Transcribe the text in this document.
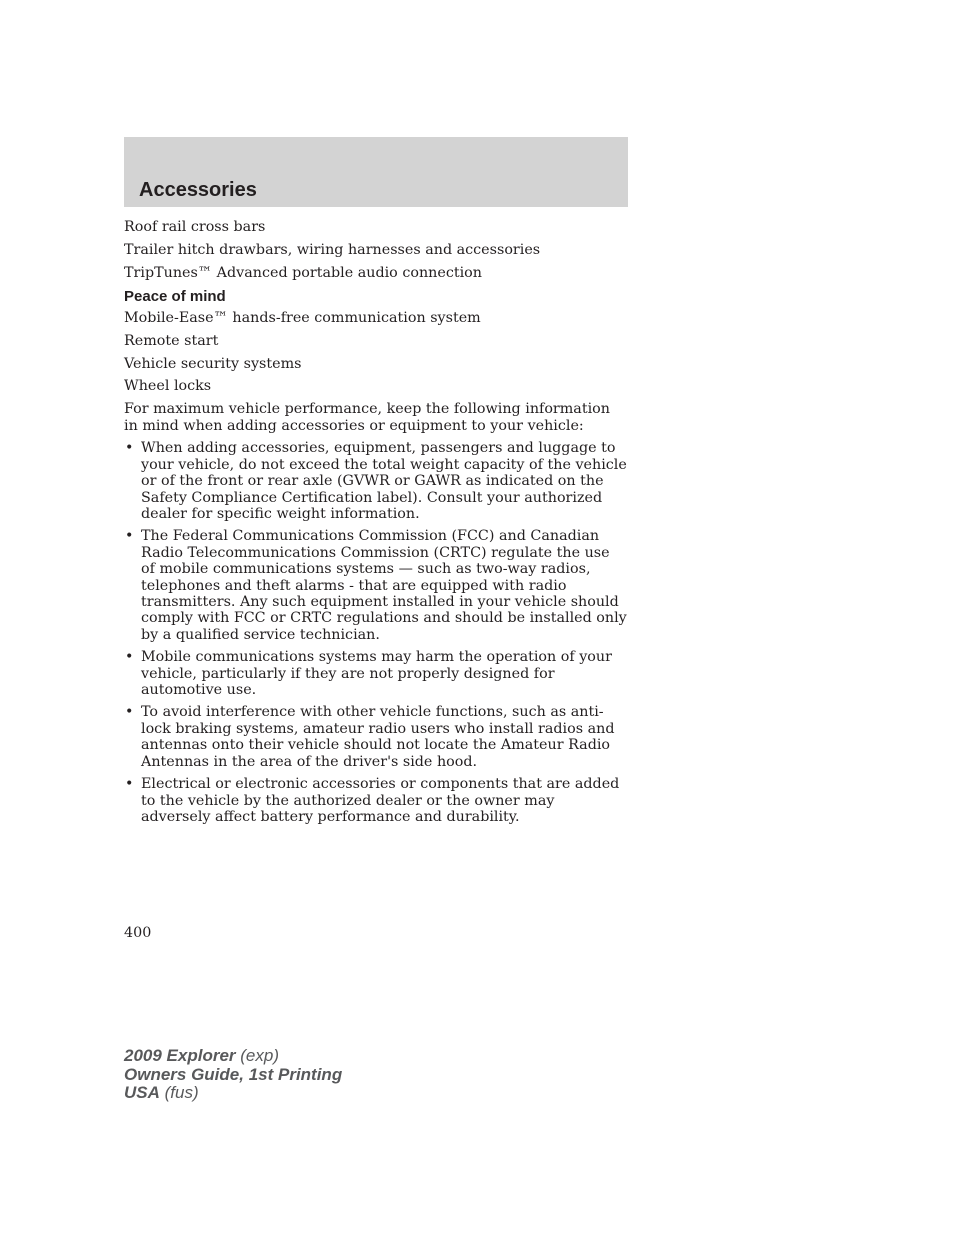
Accessories

Roof rail cross bars

Trailer hitch drawbars, wiring harnesses and accessories

TripTunes™ Advanced portable audio connection

Peace of mind

Mobile-Ease™ hands-free communication system

Remote start

Vehicle security systems

Wheel locks

For maximum vehicle performance, keep the following information in mind when adding accessories or equipment to your vehicle:

• When adding accessories, equipment, passengers and luggage to your vehicle, do not exceed the total weight capacity of the vehicle or of the front or rear axle (GVWR or GAWR as indicated on the Safety Compliance Certification label). Consult your authorized dealer for specific weight information.
• The Federal Communications Commission (FCC) and Canadian Radio Telecommunications Commission (CRTC) regulate the use of mobile communications systems — such as two-way radios, telephones and theft alarms - that are equipped with radio transmitters. Any such equipment installed in your vehicle should comply with FCC or CRTC regulations and should be installed only by a qualified service technician.
• Mobile communications systems may harm the operation of your vehicle, particularly if they are not properly designed for automotive use.
• To avoid interference with other vehicle functions, such as anti-lock braking systems, amateur radio users who install radios and antennas onto their vehicle should not locate the Amateur Radio Antennas in the area of the driver's side hood.
• Electrical or electronic accessories or components that are added to the vehicle by the authorized dealer or the owner may adversely affect battery performance and durability.
400
2009 Explorer (exp)
Owners Guide, 1st Printing
USA (fus)
